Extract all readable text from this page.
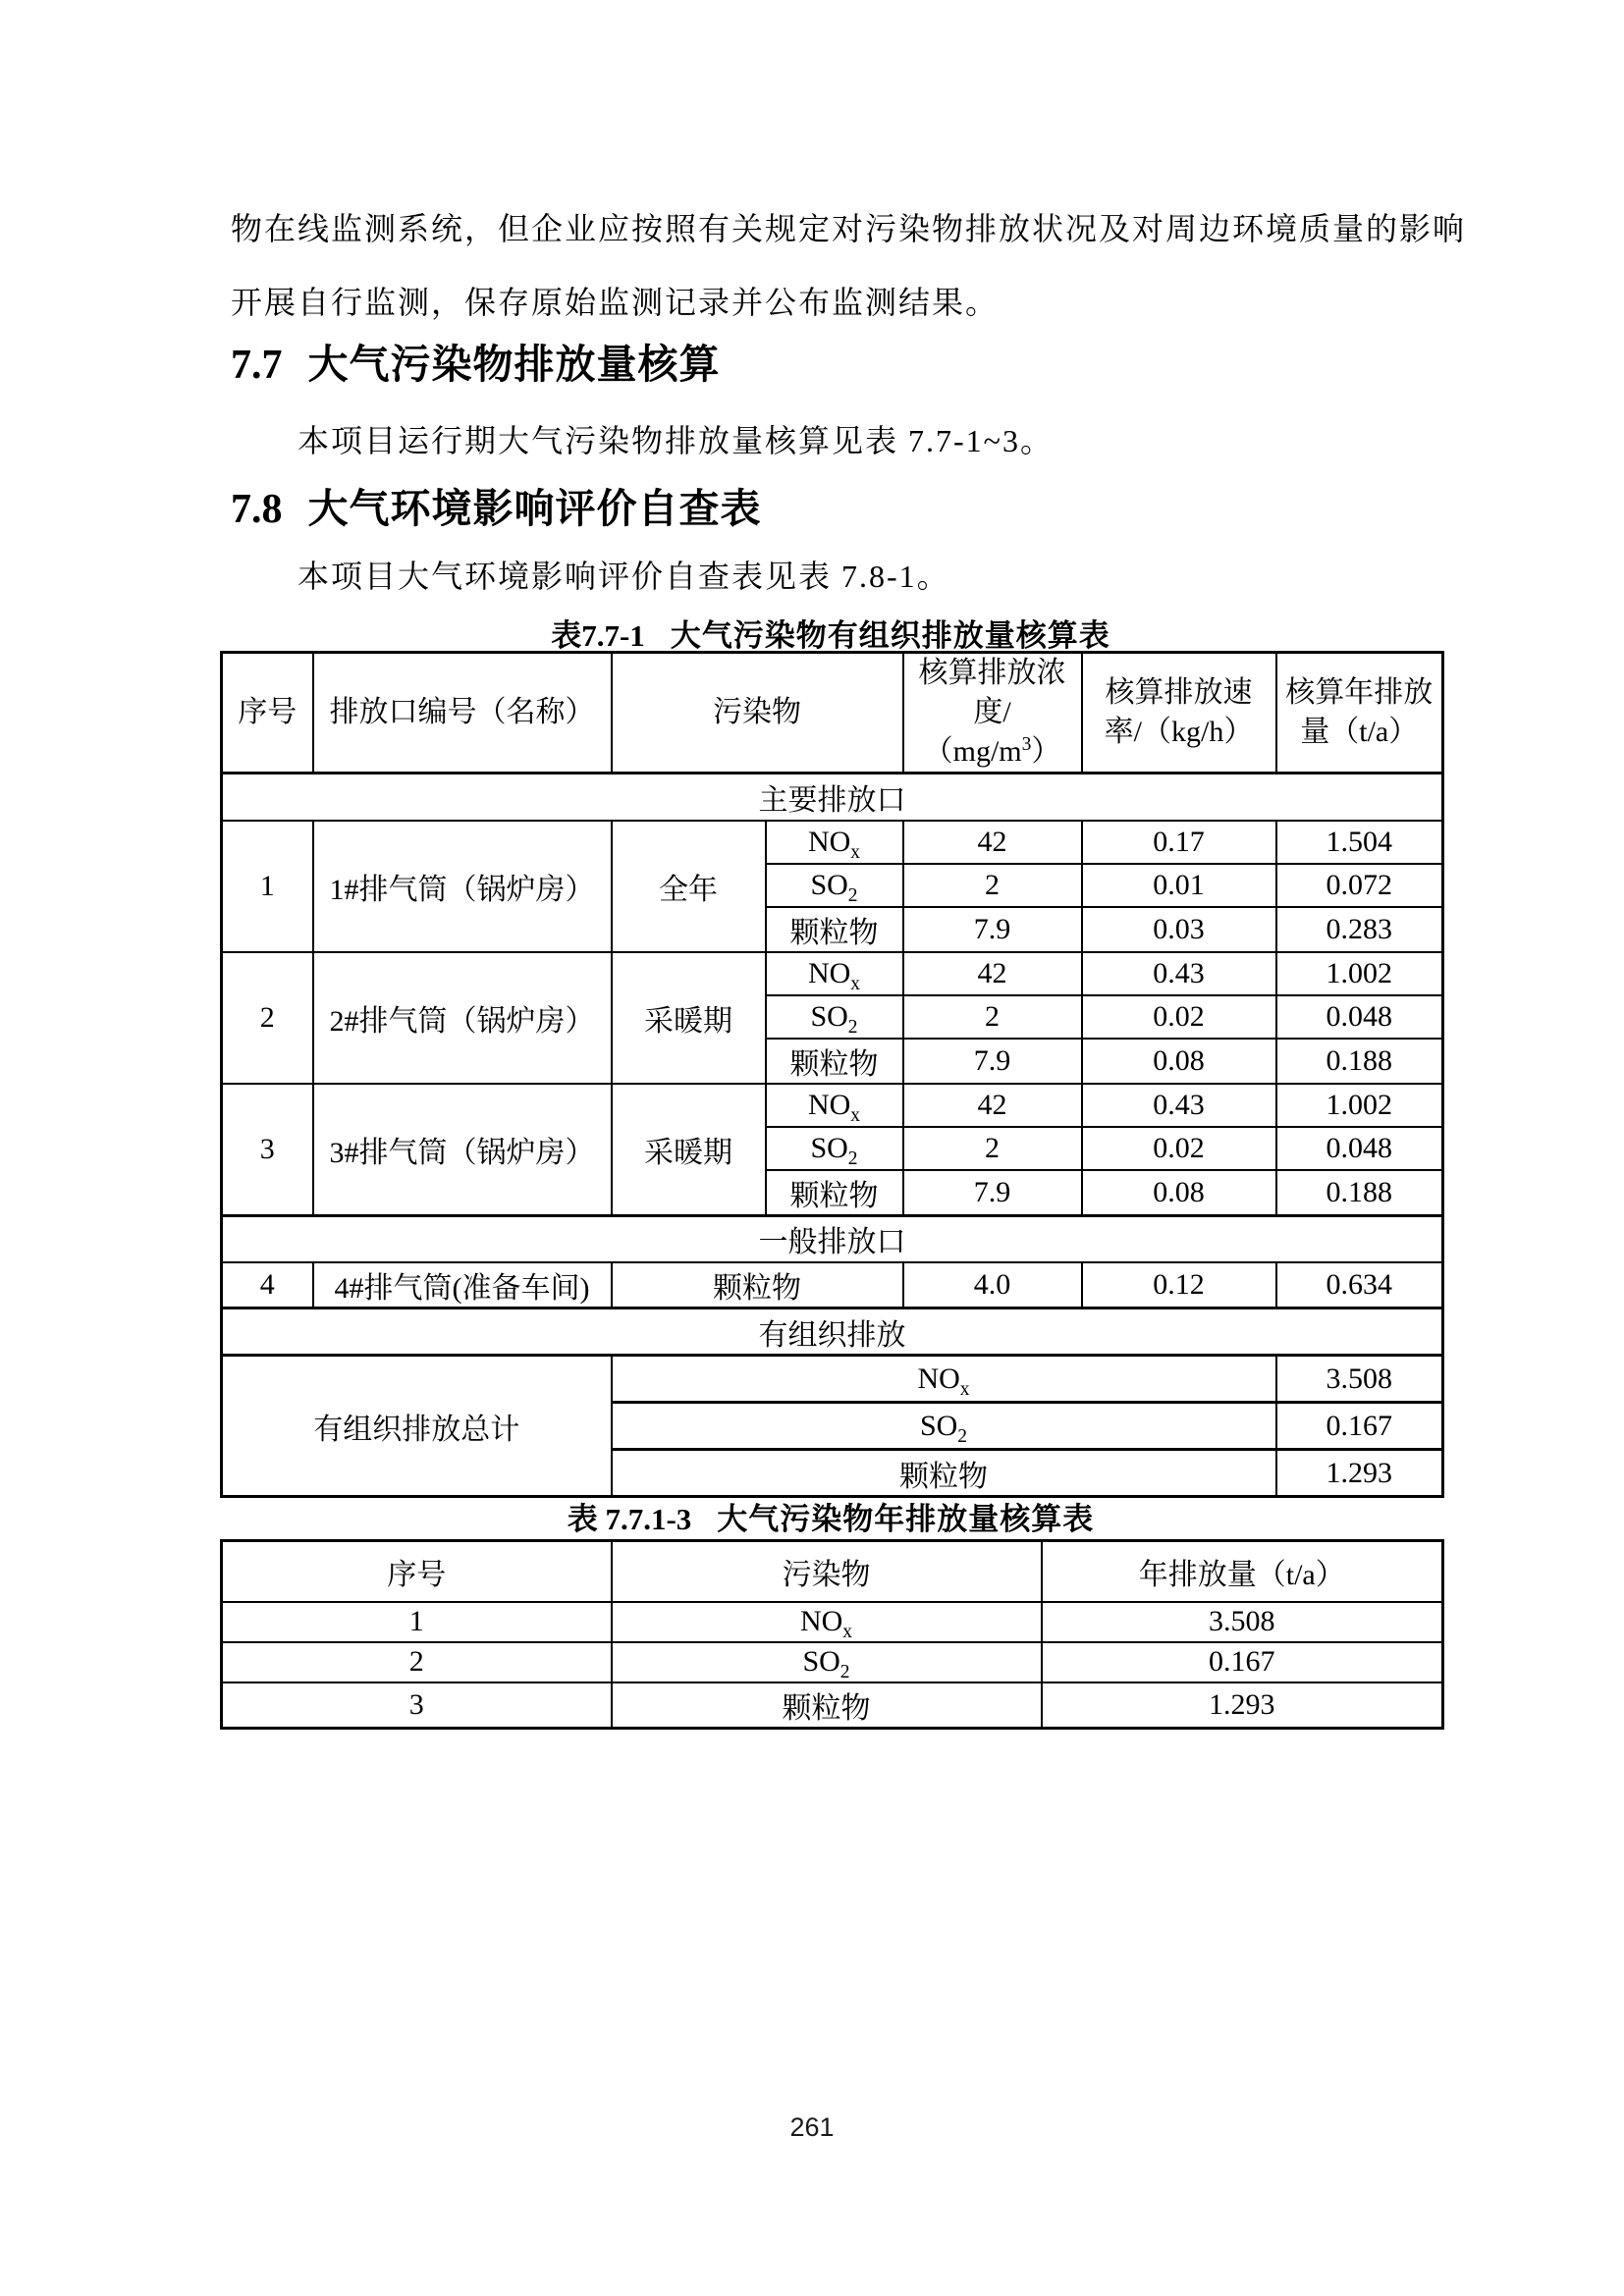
物在线监测系统，但企业应按照有关规定对污染物排放状况及对周边环境质量的影响
开展自行监测，保存原始监测记录并公布监测结果。
7.7 大气污染物排放量核算
本项目运行期大气污染物排放量核算见表 7.7-1~3。
7.8 大气环境影响评价自查表
本项目大气环境影响评价自查表见表 7.8-1。
表7.7-1 大气污染物有组织排放量核算表
序号	排放口编号（名称）	污染物		核算排放浓度$/(mg/m^3)$	核算排放速率/（kg/h）	核算年排放量（t/a）
主要排放口						
1	1#排气筒（锅炉房）	全年	$NO_x$	42	0.17	1.504
			$SO_2$	2	0.01	0.072
			颗粒物	7.9	0.03	0.283
2	2#排气筒（锅炉房）	采暖期	$NO_x$	42	0.43	1.002
			$SO_2$	2	0.02	0.048
			颗粒物	7.9	0.08	0.188
3	3#排气筒（锅炉房）	采暖期	$NO_x$	42	0.43	1.002
			$SO_2$	2	0.02	0.048
			颗粒物	7.9	0.08	0.188
一般排放口						
4	4#排气筒(准备车间)	颗粒物		4.0	0.12	0.634
有组织排放						
有组织排放总计		$NO_x$				3.508
		$SO_2$				0.167
		颗粒物				1.293
表 7.7.1-3 大气污染物年排放量核算表
序号	污染物	年排放量（t/a）
1	$NO_x$	3.508
2	$SO_2$	0.167
3	颗粒物	1.293
261
